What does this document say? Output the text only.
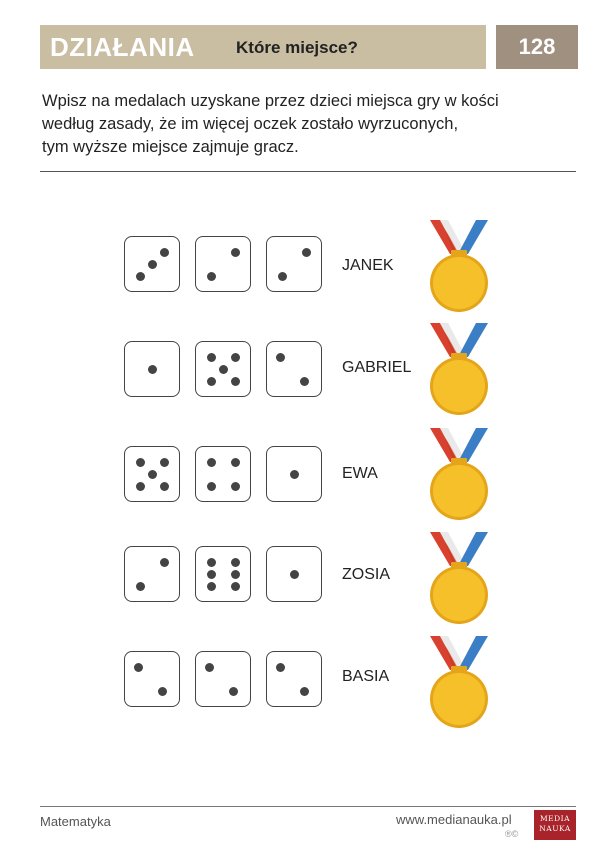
DZIAŁANIA Które miejsce?	128
Wpisz na medalach uzyskane przez dzieci miejsca gry w kości
według zasady, że im więcej oczek zostało wyrzuconych,
tym wyższe miejsce zajmuje gracz.
JANEK
GABRIEL
EWA
ZOSIA
BASIA
Matematyka	www.medianauka.pl
®©
MEDIA
NAUKA
